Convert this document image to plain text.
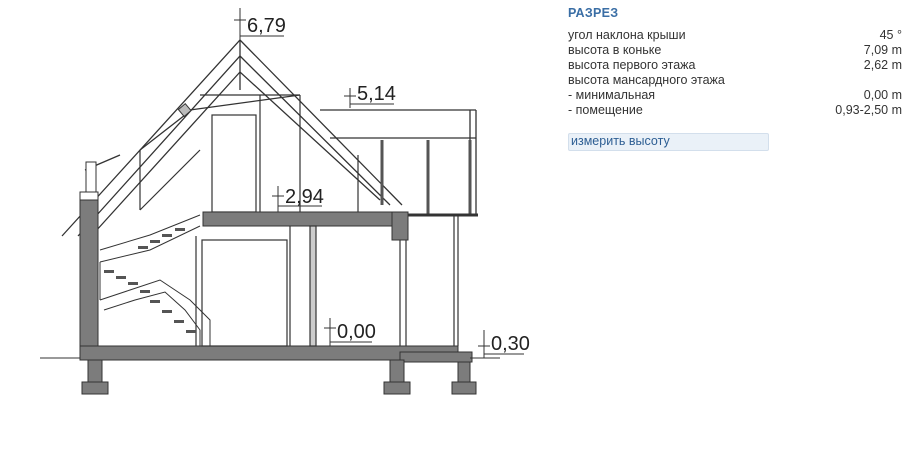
6,79
5,14
2,94
0,00
0,30
РАЗРЕЗ
угол наклона крыши	45 °
высота в коньке	7,09 m
высота первого этажа	2,62 m
высота мансардного этажа
- минимальная	0,00 m
- помещение	0,93-2,50 m
измерить высоту
